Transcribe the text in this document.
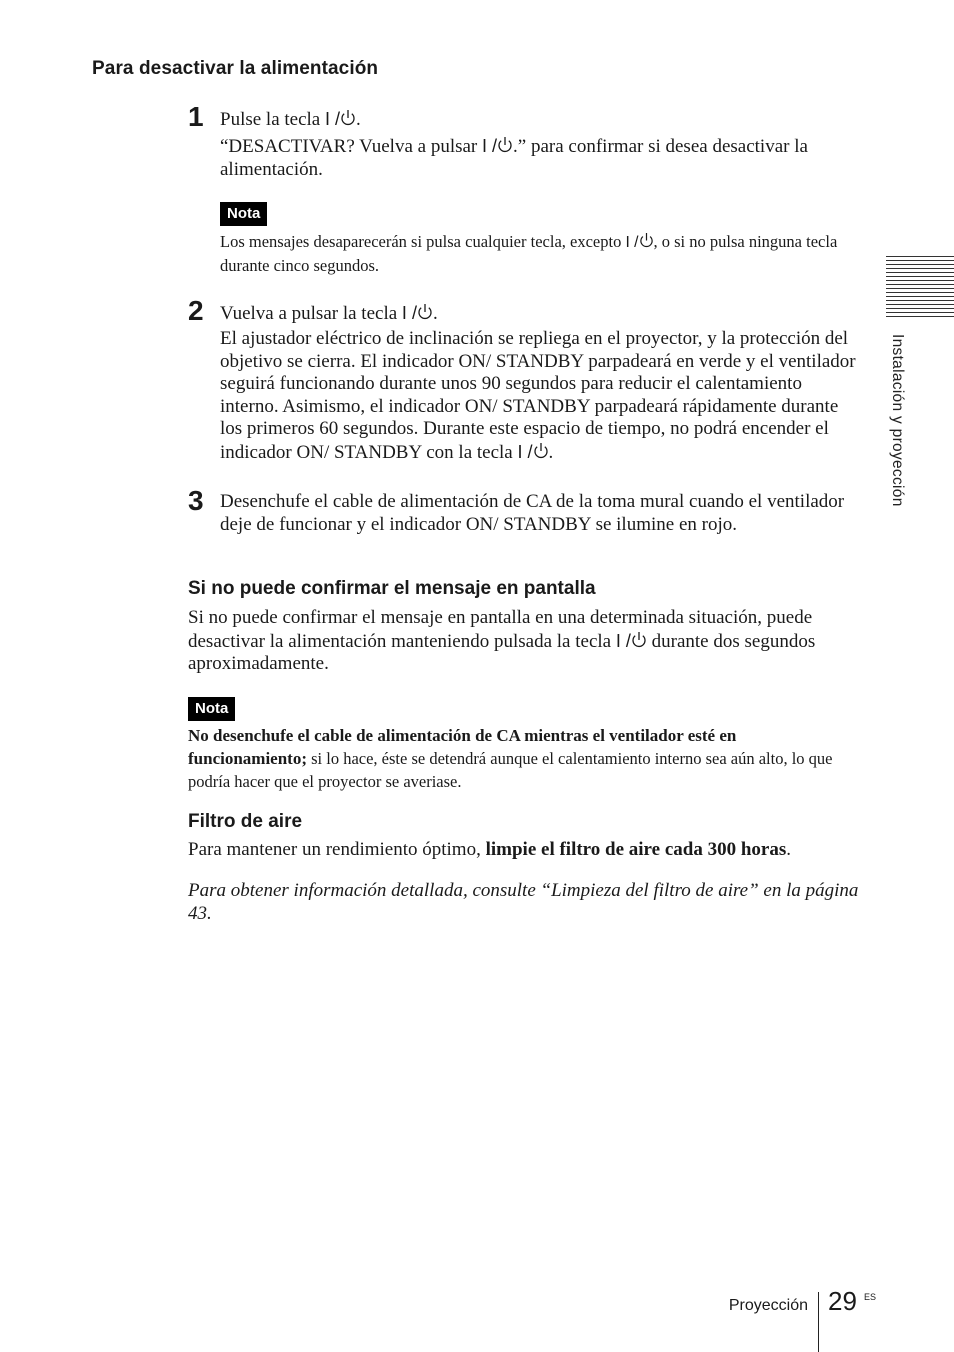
Para desactivar la alimentación
1 Pulse la tecla I / .
“DESACTIVAR? Vuelva a pulsar I / .” para confirmar si desea desactivar la alimentación.
Nota
Los mensajes desaparecerán si pulsa cualquier tecla, excepto I / , o si no pulsa ninguna tecla durante cinco segundos.
2 Vuelva a pulsar la tecla I / .
El ajustador eléctrico de inclinación se repliega en el proyector, y la protección del objetivo se cierra. El indicador ON/ STANDBY parpadeará en verde y el ventilador seguirá funcionando durante unos 90 segundos para reducir el calentamiento interno. Asimismo, el indicador ON/ STANDBY parpadeará rápidamente durante los primeros 60 segundos. Durante este espacio de tiempo, no podrá encender el indicador ON/ STANDBY con la tecla I / .
3 Desenchufe el cable de alimentación de CA de la toma mural cuando el ventilador deje de funcionar y el indicador ON/ STANDBY se ilumine en rojo.
Si no puede confirmar el mensaje en pantalla
Si no puede confirmar el mensaje en pantalla en una determinada situación, puede desactivar la alimentación manteniendo pulsada la tecla I / durante dos segundos aproximadamente.
Nota
No desenchufe el cable de alimentación de CA mientras el ventilador esté en funcionamiento; si lo hace, éste se detendrá aunque el calentamiento interno sea aún alto, lo que podría hacer que el proyector se averiase.
Filtro de aire
Para mantener un rendimiento óptimo, limpie el filtro de aire cada 300 horas.
Para obtener información detallada, consulte “Limpieza del filtro de aire” en la página 43.
Instalación y proyección
Proyección 29 ES
